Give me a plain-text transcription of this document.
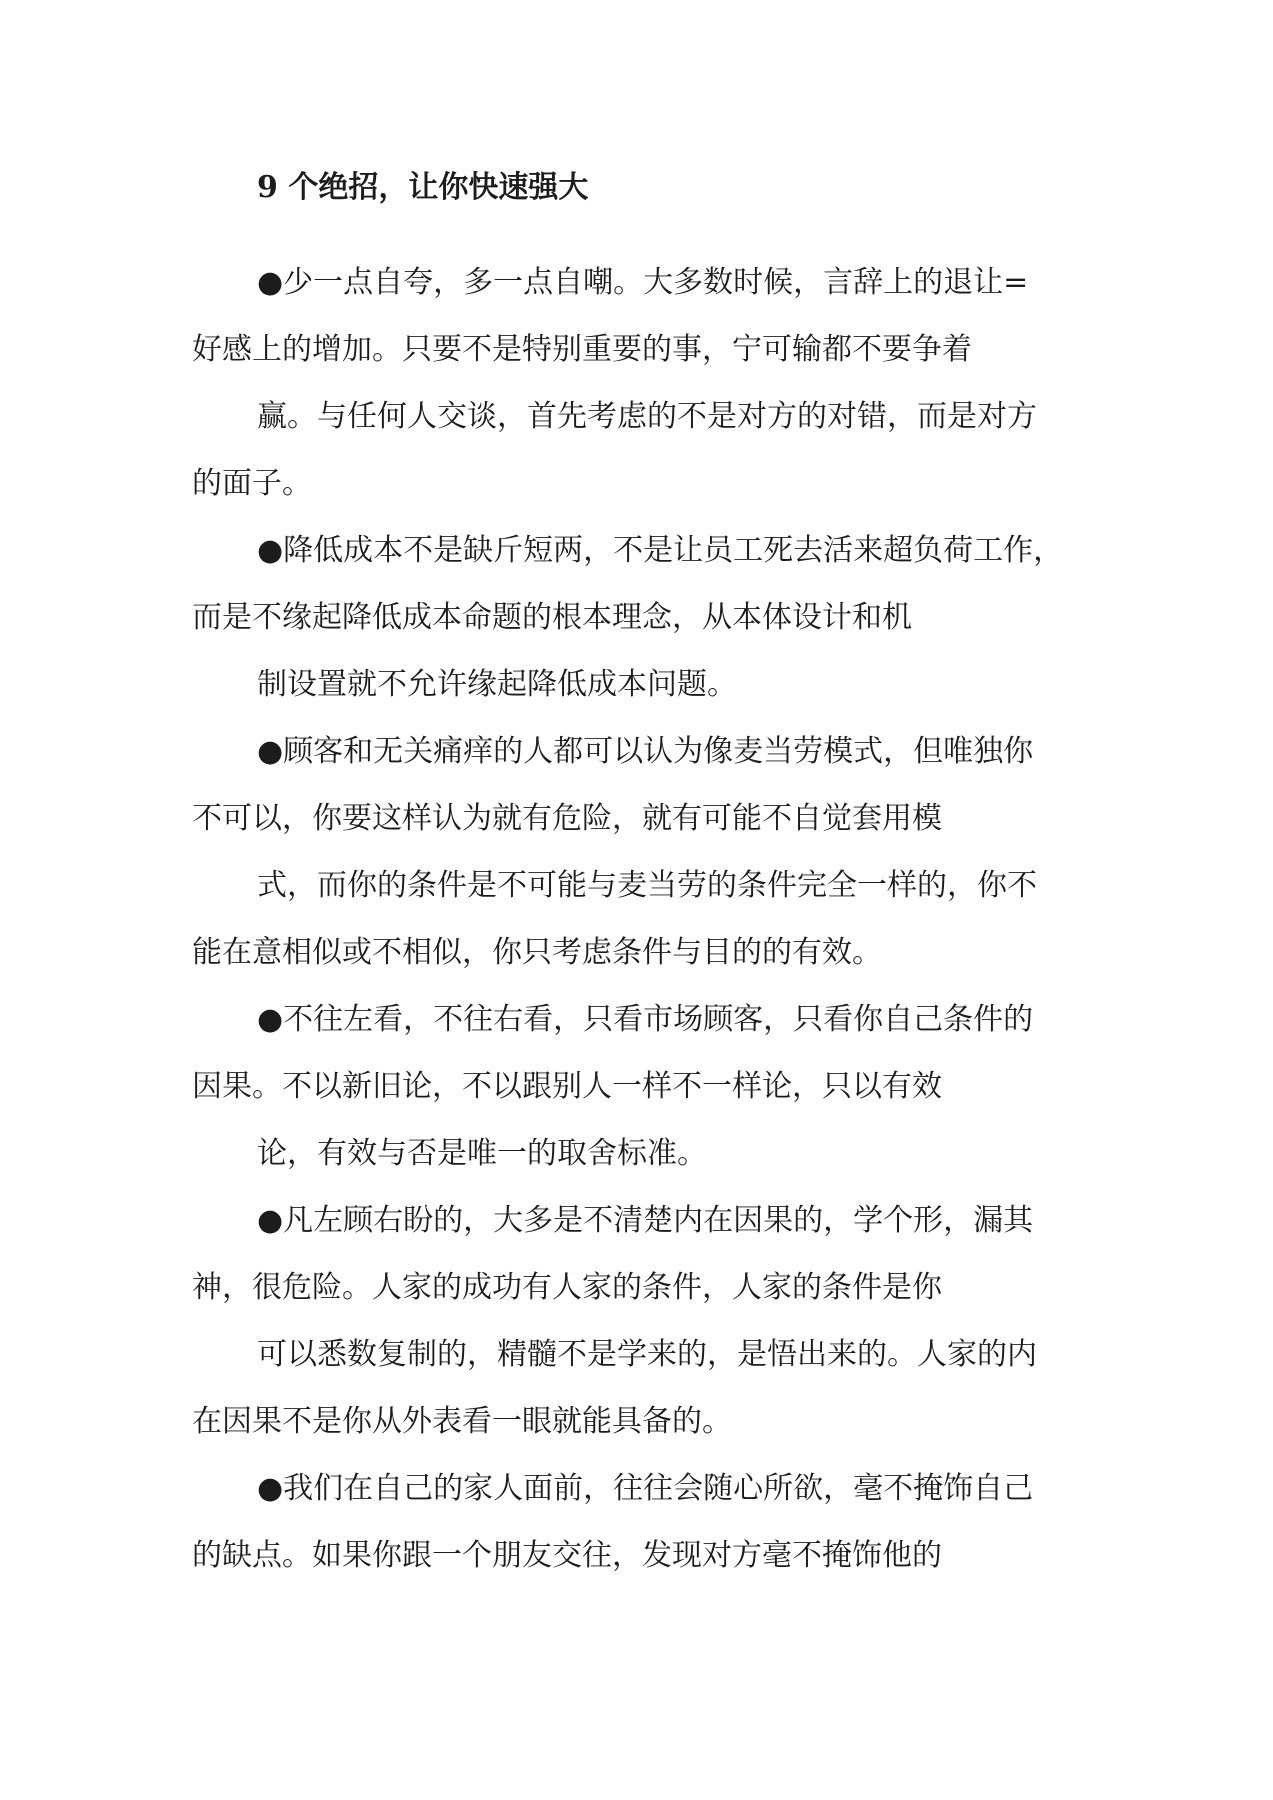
9 个绝招，让你快速强大
●少一点自夸，多一点自嘲。大多数时候，言辞上的退让=
好感上的增加。只要不是特别重要的事，宁可输都不要争着
赢。与任何人交谈，首先考虑的不是对方的对错，而是对方
的面子。
●降低成本不是缺斤短两，不是让员工死去活来超负荷工作，
而是不缘起降低成本命题的根本理念，从本体设计和机
制设置就不允许缘起降低成本问题。
●顾客和无关痛痒的人都可以认为像麦当劳模式，但唯独你
不可以，你要这样认为就有危险，就有可能不自觉套用模
式，而你的条件是不可能与麦当劳的条件完全一样的，你不
能在意相似或不相似，你只考虑条件与目的的有效。
●不往左看，不往右看，只看市场顾客，只看你自己条件的
因果。不以新旧论，不以跟别人一样不一样论，只以有效
论，有效与否是唯一的取舍标准。
●凡左顾右盼的，大多是不清楚内在因果的，学个形，漏其
神，很危险。人家的成功有人家的条件，人家的条件是你
可以悉数复制的，精髓不是学来的，是悟出来的。人家的内
在因果不是你从外表看一眼就能具备的。
●我们在自己的家人面前，往往会随心所欲，毫不掩饰自己
的缺点。如果你跟一个朋友交往，发现对方毫不掩饰他的
